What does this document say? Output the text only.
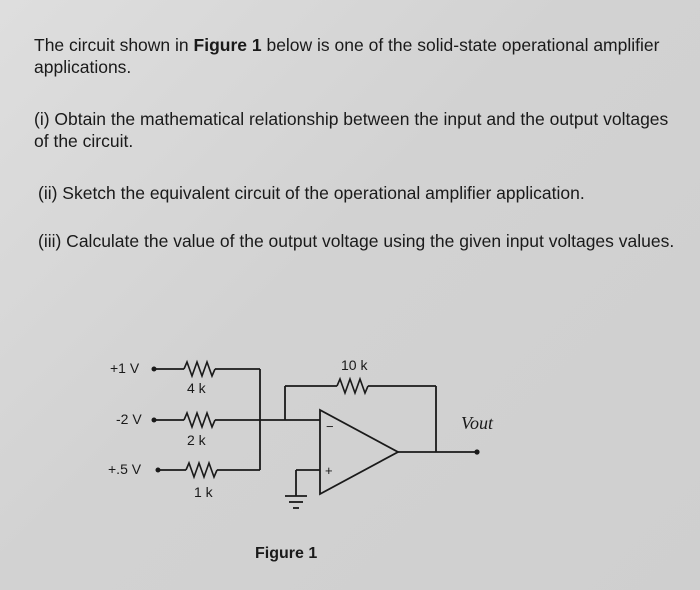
The circuit shown in Figure 1 below is one of the solid-state operational amplifier applications.

(i) Obtain the mathematical relationship between the input and the output voltages of the circuit.

(ii) Sketch the equivalent circuit of the operational amplifier application.

(iii) Calculate the value of the output voltage using the given input voltages values.

+1 V
4 k
-2 V
2 k
+.5 V
1 k
10 k
−
+
Vout
Figure 1
